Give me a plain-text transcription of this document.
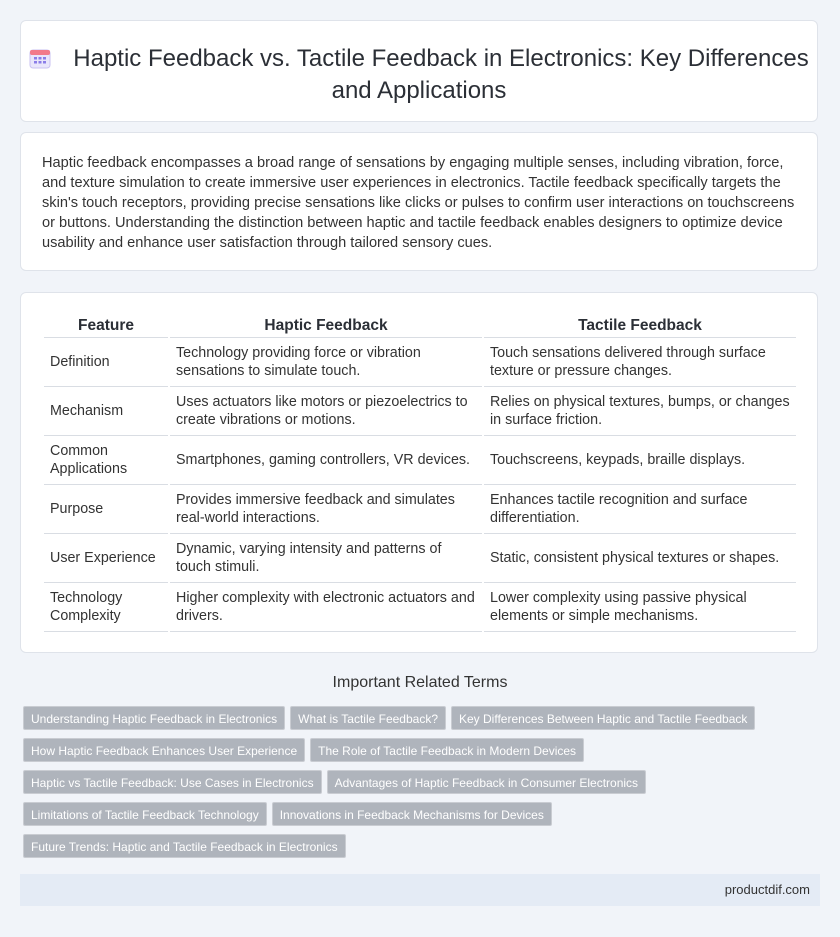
Haptic Feedback vs. Tactile Feedback in Electronics: Key Differences and Applications

Haptic feedback encompasses a broad range of sensations by engaging multiple senses, including vibration, force, and texture simulation to create immersive user experiences in electronics. Tactile feedback specifically targets the skin's touch receptors, providing precise sensations like clicks or pulses to confirm user interactions on touchscreens or buttons. Understanding the distinction between haptic and tactile feedback enables designers to optimize device usability and enhance user satisfaction through tailored sensory cues.

Feature	Haptic Feedback	Tactile Feedback
Definition	Technology providing force or vibration sensations to simulate touch.	Touch sensations delivered through surface texture or pressure changes.
Mechanism	Uses actuators like motors or piezoelectrics to create vibrations or motions.	Relies on physical textures, bumps, or changes in surface friction.
Common Applications	Smartphones, gaming controllers, VR devices.	Touchscreens, keypads, braille displays.
Purpose	Provides immersive feedback and simulates real-world interactions.	Enhances tactile recognition and surface differentiation.
User Experience	Dynamic, varying intensity and patterns of touch stimuli.	Static, consistent physical textures or shapes.
Technology Complexity	Higher complexity with electronic actuators and drivers.	Lower complexity using passive physical elements or simple mechanisms.
Important Related Terms
Understanding Haptic Feedback in Electronics What is Tactile Feedback? Key Differences Between Haptic and Tactile Feedback
How Haptic Feedback Enhances User Experience The Role of Tactile Feedback in Modern Devices
Haptic vs Tactile Feedback: Use Cases in Electronics Advantages of Haptic Feedback in Consumer Electronics
Limitations of Tactile Feedback Technology Innovations in Feedback Mechanisms for Devices
Future Trends: Haptic and Tactile Feedback in Electronics
productdif.com
